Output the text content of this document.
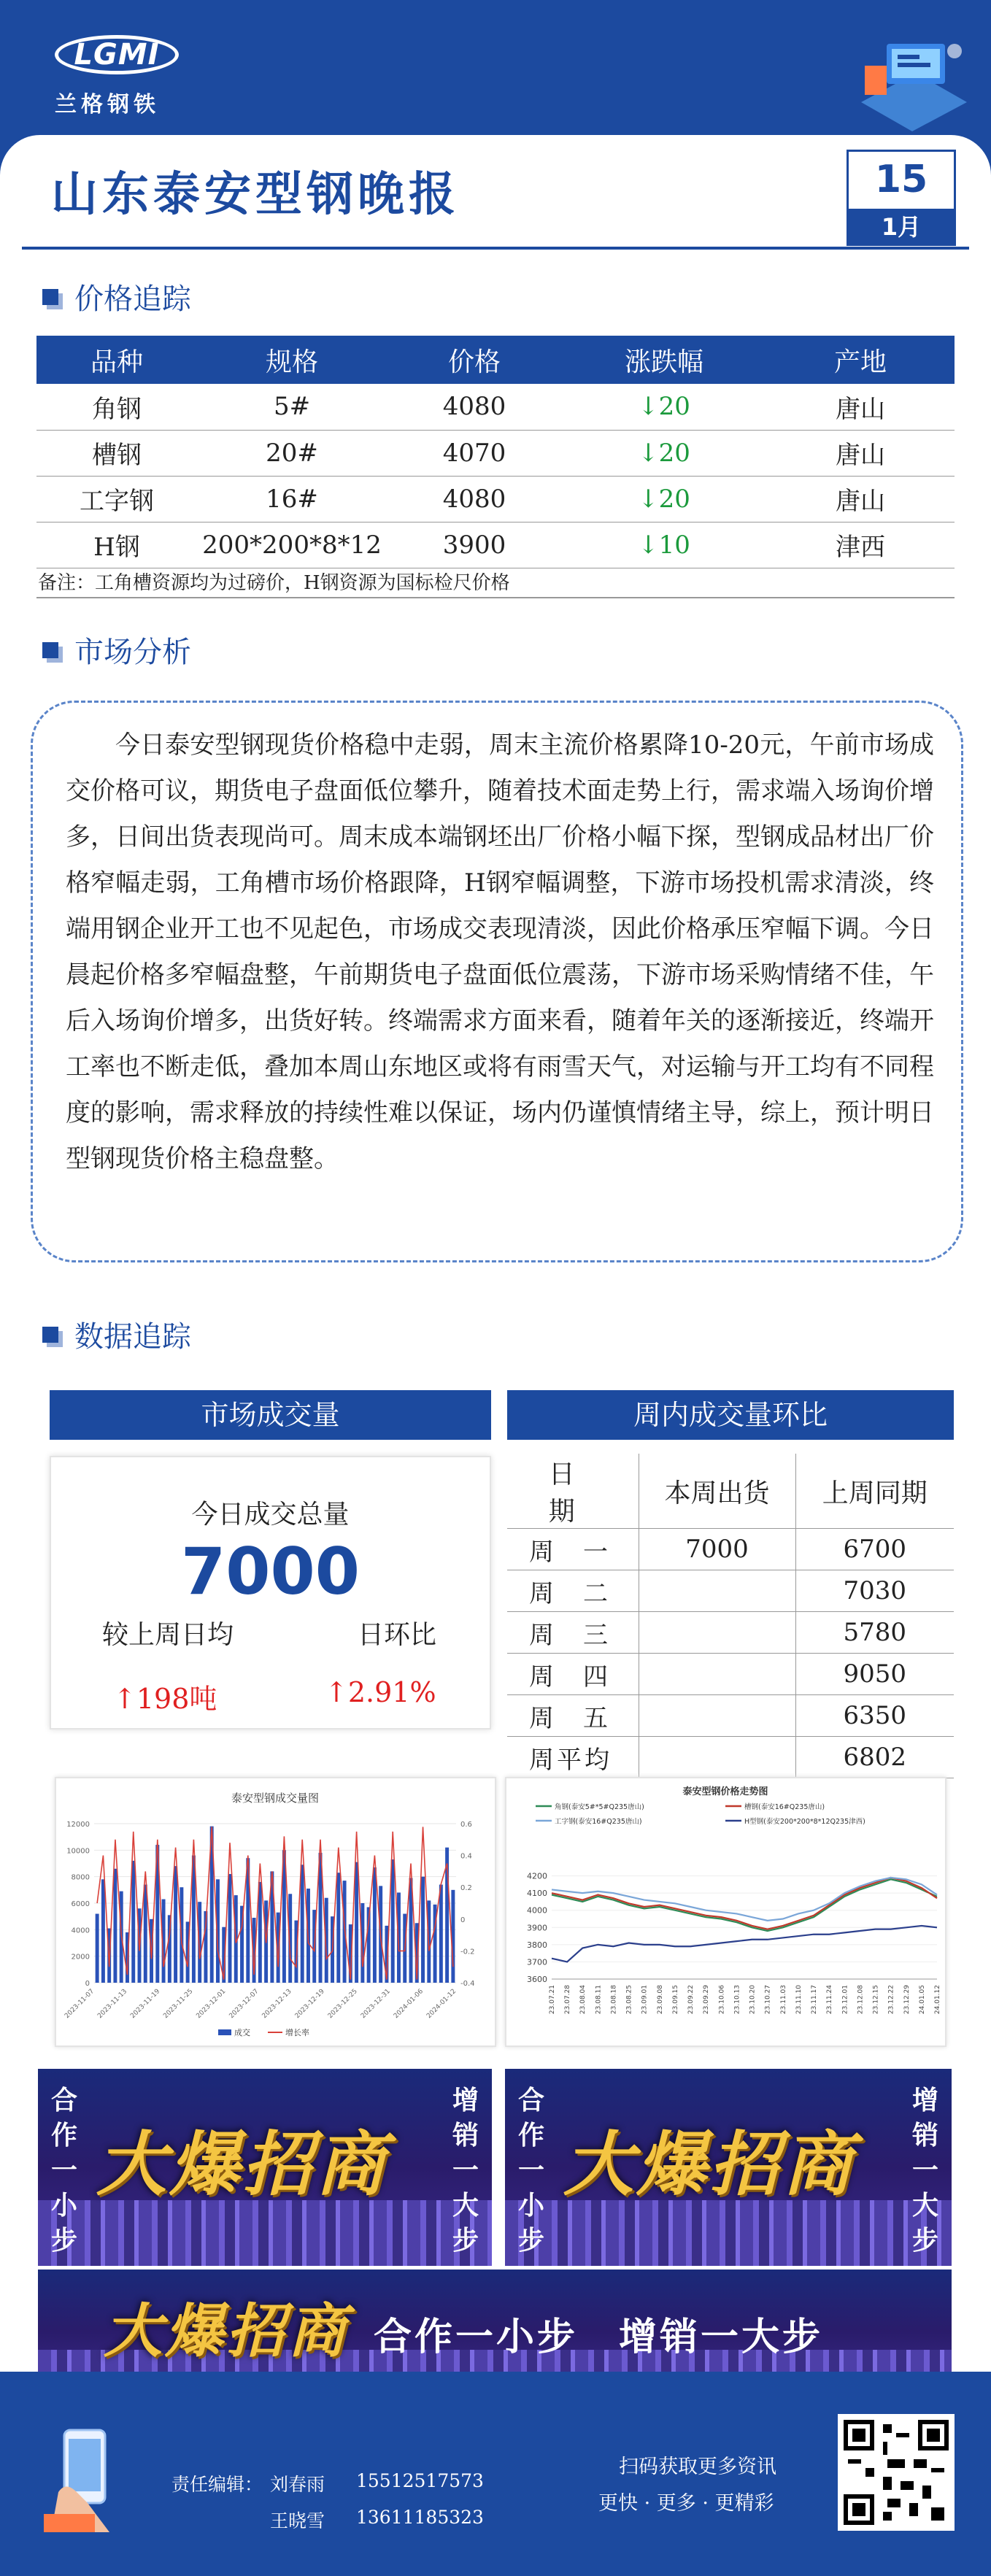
LGMI
兰格钢铁
山东泰安型钢晚报	15
1月
价格追踪
品种	规格	价格	涨跌幅	产地
角钢	5#	4080	↓20	唐山
槽钢	20#	4070	↓20	唐山
工字钢	16#	4080	↓20	唐山
H钢	200*200*8*12	3900	↓10	津西
备注：工角槽资源均为过磅价，H钢资源为国标检尺价格
市场分析
今日泰安型钢现货价格稳中走弱，周末主流价格累降10-20元，午前市场成交价格可议，期货电子盘面低位攀升，随着技术面走势上行，需求端入场询价增多，日间出货表现尚可。周末成本端钢坯出厂价格小幅下探，型钢成品材出厂价格窄幅走弱，工角槽市场价格跟降，H钢窄幅调整，下游市场投机需求清淡，终端用钢企业开工也不见起色，市场成交表现清淡，因此价格承压窄幅下调。今日晨起价格多窄幅盘整，午前期货电子盘面低位震荡，下游市场采购情绪不佳，午后入场询价增多，出货好转。终端需求方面来看，随着年关的逐渐接近，终端开工率也不断走低，叠加本周山东地区或将有雨雪天气，对运输与开工均有不同程度的影响，需求释放的持续性难以保证，场内仍谨慎情绪主导，综上，预计明日型钢现货价格主稳盘整。
数据追踪
市场成交量	周内成交量环比
今日成交总量
7000
较上周日均	日环比
↑198吨	↑2.91%
日　期	本周出货	上周同期
周一	7000	6700
周二		7030
周三		5780
周四		9050
周五		6350
周平均		6802
泰安型钢成交量图
12000
10000
8000
6000
4000
2000
0
0.6
0.4
0.2
0
-0.2
-0.4
2023-11-07 2023-11-13 2023-11-19 2023-11-25 2023-12-01 2023-12-07 2023-12-13 2023-12-19 2023-12-25 2023-12-31 2024-01-06 2024-01-12
成交	增长率
泰安型钢价格走势图
角钢(泰安5#*5#Q235唐山)	槽钢(泰安16#Q235唐山)
工字钢(泰安16#Q235唐山)	H型钢(泰安200*200*8*12Q235津西)
4200
4100
4000
3900
3800
3700
3600
23.07.21 23.07.28 23.08.04 23.08.11 23.08.18 23.08.25 23.09.01 23.09.08 23.09.15 23.09.22 23.09.29 23.10.06 23.10.13 23.10.20 23.10.27 23.11.03 23.11.10 23.11.17 23.11.24 23.12.01 23.12.08 23.12.15 23.12.22 23.12.29 24.01.05 24.01.12
合作一小步
增销一大步
大爆招商
合作一小步
增销一大步
大爆招商
大爆招商 合作一小步　增销一大步
责任编辑： 刘春雨 15512517573
王晓雪 13611185323
扫码获取更多资讯
更快 · 更多 · 更精彩
